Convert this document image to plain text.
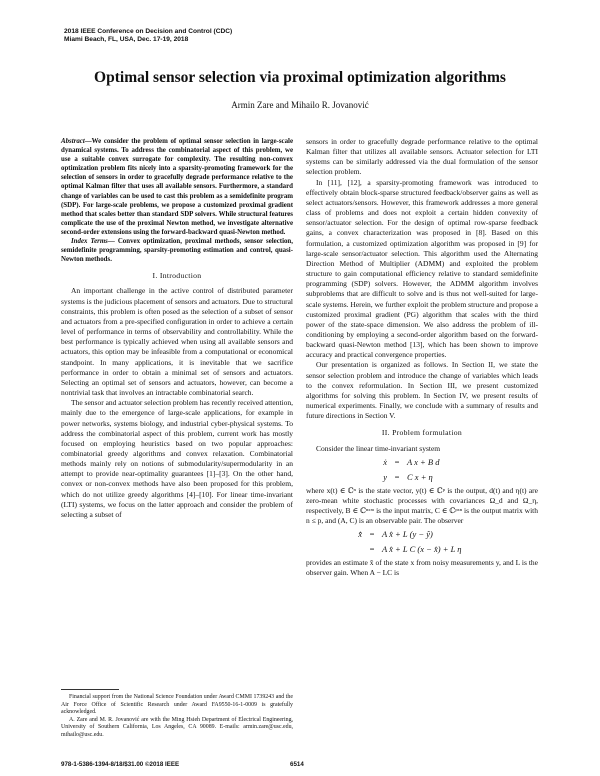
2018 IEEE Conference on Decision and Control (CDC)
Miami Beach, FL, USA, Dec. 17-19, 2018
Optimal sensor selection via proximal optimization algorithms
Armin Zare and Mihailo R. Jovanović

Abstract—We consider the problem of optimal sensor selection in large-scale dynamical systems. To address the combinatorial aspect of this problem, we use a suitable convex surrogate for complexity. The resulting non-convex optimization problem fits nicely into a sparsity-promoting framework for the selection of sensors in order to gracefully degrade performance relative to the optimal Kalman filter that uses all available sensors. Furthermore, a standard change of variables can be used to cast this problem as a semidefinite program (SDP). For large-scale problems, we propose a customized proximal gradient method that scales better than standard SDP solvers. While structural features complicate the use of the proximal Newton method, we investigate alternative second-order extensions using the forward-backward quasi-Newton method.

Index Terms— Convex optimization, proximal methods, sensor selection, semidefinite programming, sparsity-promoting estimation and control, quasi-Newton methods.

I. Introduction

An important challenge in the active control of distributed parameter systems is the judicious placement of sensors and actuators. Due to structural constraints, this problem is often posed as the selection of a subset of sensor and actuators from a pre-specified configuration in order to achieve a certain level of performance in terms of observability and controllability. While the best performance is typically achieved when using all available sensors and actuators, this option may be infeasible from a computational or economical standpoint. In many applications, it is inevitable that we sacrifice performance in order to obtain a minimal set of sensors and actuators. Selecting an optimal set of sensors and actuators, however, can become a nontrivial task that involves an intractable combinatorial search.

The sensor and actuator selection problem has recently received attention, mainly due to the emergence of large-scale applications, for example in power networks, systems biology, and industrial cyber-physical systems. To address the combinatorial aspect of this problem, current work has mostly focused on employing heuristics based on two popular approaches: combinatorial greedy algorithms and convex relaxation. Combinatorial methods mainly rely on notions of submodularity/supermodularity in an attempt to provide near-optimality guarantees [1]–[3]. On the other hand, convex or non-convex methods have also been proposed for this problem, which do not utilize greedy algorithms [4]–[10]. For linear time-invariant (LTI) systems, we focus on the latter approach and consider the problem of selecting a subset of

sensors in order to gracefully degrade performance relative to the optimal Kalman filter that utilizes all available sensors. Actuator selection for LTI systems can be similarly addressed via the dual formulation of the sensor selection problem.

In [11], [12], a sparsity-promoting framework was introduced to effectively obtain block-sparse structured feedback/observer gains as well as select actuators/sensors. However, this framework addresses a more general class of problems and does not exploit a certain hidden convexity of sensor/actuator selection. For the design of optimal row-sparse feedback gains, a convex characterization was proposed in [8]. Based on this formulation, a customized optimization algorithm was proposed in [9] for large-scale sensor/actuator selection. This algorithm used the Alternating Direction Method of Multiplier (ADMM) and exploited the problem structure to gain computational efficiency relative to standard semidefinite programming (SDP) solvers. However, the ADMM algorithm involves subproblems that are difficult to solve and is thus not well-suited for large-scale systems. Herein, we further exploit the problem structure and propose a customized proximal gradient (PG) algorithm that scales with the third power of the state-space dimension. We also address the problem of ill-conditioning by employing a second-order algorithm based on the forward-backward quasi-Newton method [13], which has been shown to improve accuracy and practical convergence properties.

Our presentation is organized as follows. In Section II, we state the sensor selection problem and introduce the change of variables which leads to the convex reformulation. In Section III, we present customized algorithms for solving this problem. In Section IV, we present results of numerical experiments. Finally, we conclude with a summary of results and future directions in Section V.

II. Problem formulation

Consider the linear time-invariant system

ẋ = A x + B d
y = C x + η

where x(t) ∈ ℂⁿ is the state vector, y(t) ∈ ℂᵖ is the output, d(t) and η(t) are zero-mean white stochastic processes with covariances Ω_d and Ω_η, respectively, B ∈ ℂⁿˣᵐ is the input matrix, C ∈ ℂᵖˣⁿ is the output matrix with n ≤ p, and (A, C) is an observable pair. The observer

x̂̇ = A x̂ + L (y − ŷ)
= A x̂ + L C (x − x̂) + L η

provides an estimate x̂ of the state x from noisy measurements y, and L is the observer gain. When A − LC is

Financial support from the National Science Foundation under Award CMMI 1739243 and the Air Force Office of Scientific Research under Award FA9550-16-1-0009 is gratefully acknowledged.

A. Zare and M. R. Jovanović are with the Ming Hsieh Department of Electrical Engineering, University of Southern California, Los Angeles, CA 90089. E-mails: armin.zare@usc.edu, mihailo@usc.edu.

978-1-5386-1394-8/18/$31.00 ©2018 IEEE	6514
